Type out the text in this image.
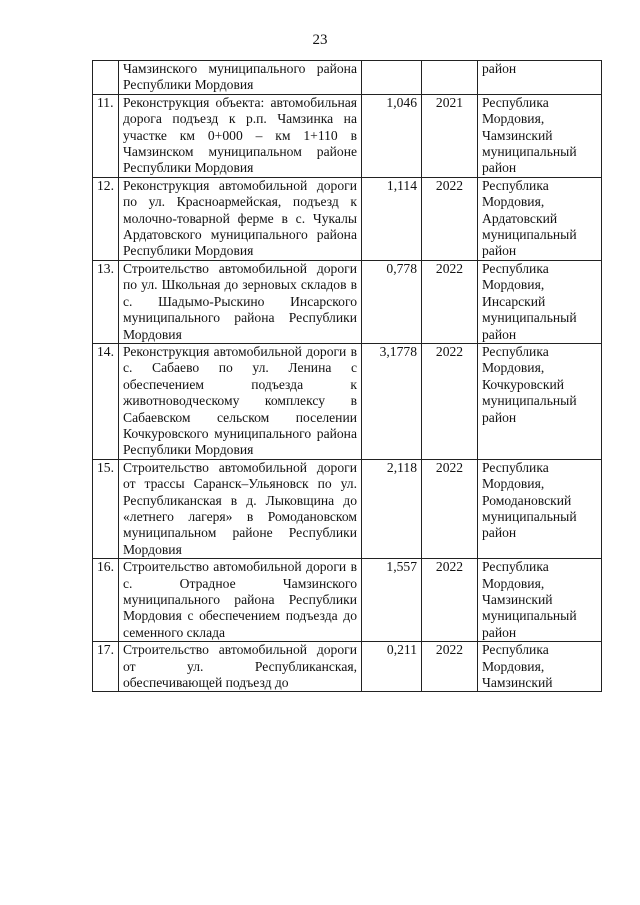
23

	Чамзинского муниципального района Республики Мордовия			район
11.	Реконструкция объекта: автомобильная дорога подъезд к р.п. Чамзинка на участке км 0+000 – км 1+110 в Чамзинском муниципальном районе Республики Мордовия	1,046	2021	Республика Мордовия, Чамзинский муниципальный район
12.	Реконструкция автомобильной дороги по ул. Красноармейская, подъезд к молочно-товарной ферме в с. Чукалы Ардатовского муниципального района Республики Мордовия	1,114	2022	Республика Мордовия, Ардатовский муниципальный район
13.	Строительство автомобильной дороги по ул. Школьная до зерновых складов в с. Шадымо-Рыскино Инсарского муниципального района Республики Мордовия	0,778	2022	Республика Мордовия, Инсарский муниципальный район
14.	Реконструкция автомобильной дороги в с. Сабаево по ул. Ленина с обеспечением подъезда к животноводческому комплексу в Сабаевском сельском поселении Кочкуровского муниципального района Республики Мордовия	3,1778	2022	Республика Мордовия, Кочкуровский муниципальный район
15.	Строительство автомобильной дороги от трассы Саранск–Ульяновск по ул. Республиканская в д. Лыковщина до «летнего лагеря» в Ромодановском муниципальном районе Республики Мордовия	2,118	2022	Республика Мордовия, Ромодановский муниципальный район
16.	Строительство автомобильной дороги в с. Отрадное Чамзинского муниципального района Республики Мордовия с обеспечением подъезда до семенного склада	1,557	2022	Республика Мордовия, Чамзинский муниципальный район
17.	Строительство автомобильной дороги от ул. Республиканская, обеспечивающей подъезд до	0,211	2022	Республика Мордовия, Чамзинский
